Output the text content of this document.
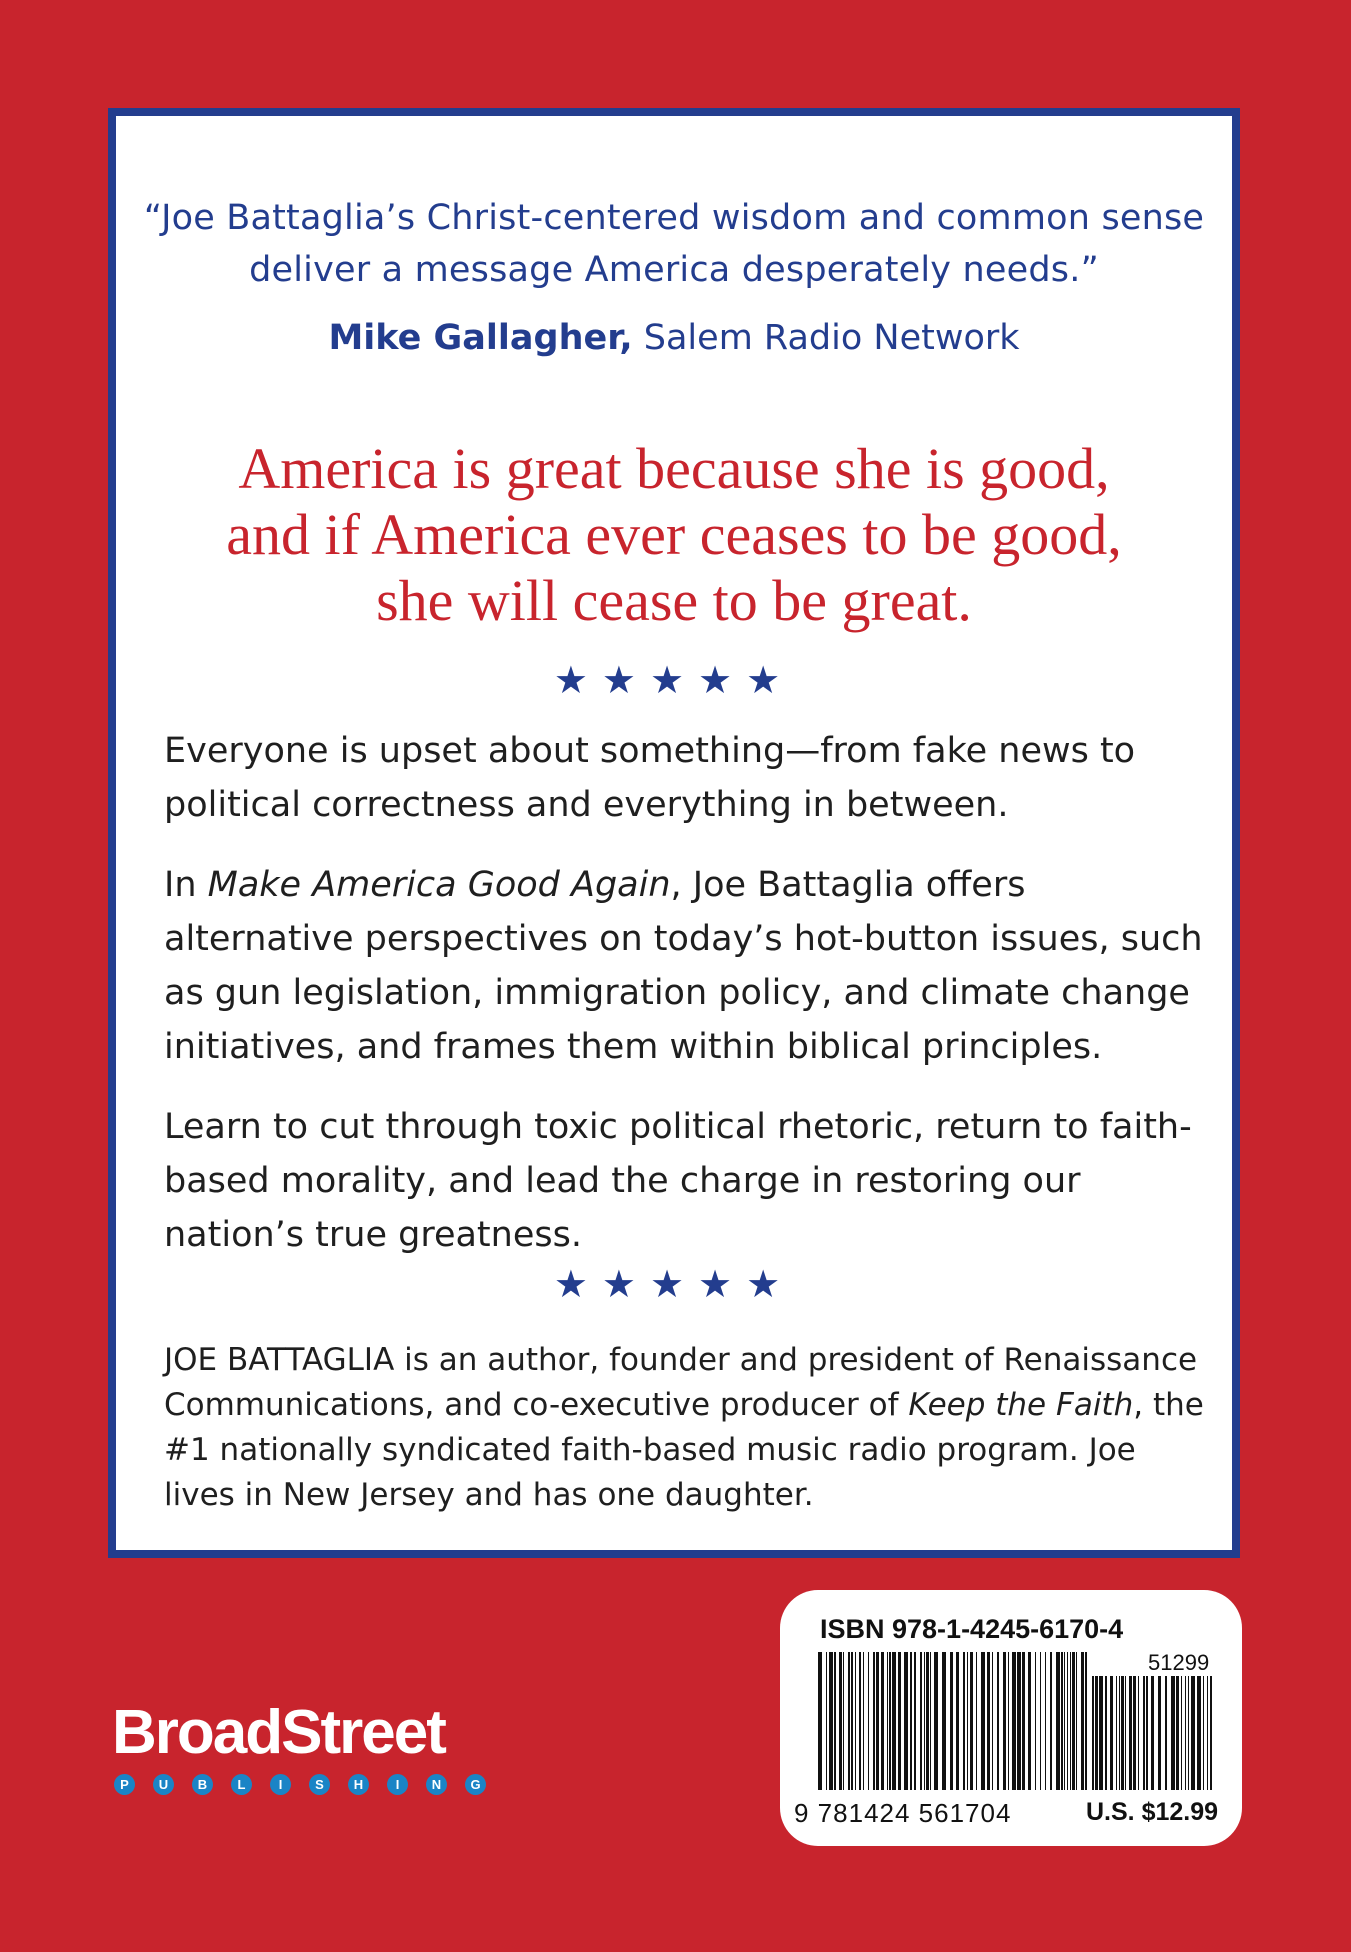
“Joe Battaglia’s Christ-centered wisdom and common sense
deliver a message America desperately needs.”
Mike Gallagher, Salem Radio Network
America is great because she is good,
and if America ever ceases to be good,
she will cease to be great.
★★★★★

Everyone is upset about something—from fake news to political correctness and everything in between.

In Make America Good Again, Joe Battaglia offers alternative perspectives on today’s hot-button issues, such as gun legislation, immigration policy, and climate change initiatives, and frames them within biblical principles.

Learn to cut through toxic political rhetoric, return to faith-based morality, and lead the charge in restoring our nation’s true greatness.

★★★★★

JOE BATTAGLIA is an author, founder and president of Renaissance Communications, and co-executive producer of Keep the Faith, the #1 nationally syndicated faith-based music radio program. Joe lives in New Jersey and has one daughter.

BroadStreet
P	U	B	L	I	S	H	I	N	G
ISBN 978-1-4245-6170-4
51299
9 781424 561704	U.S. $12.99
